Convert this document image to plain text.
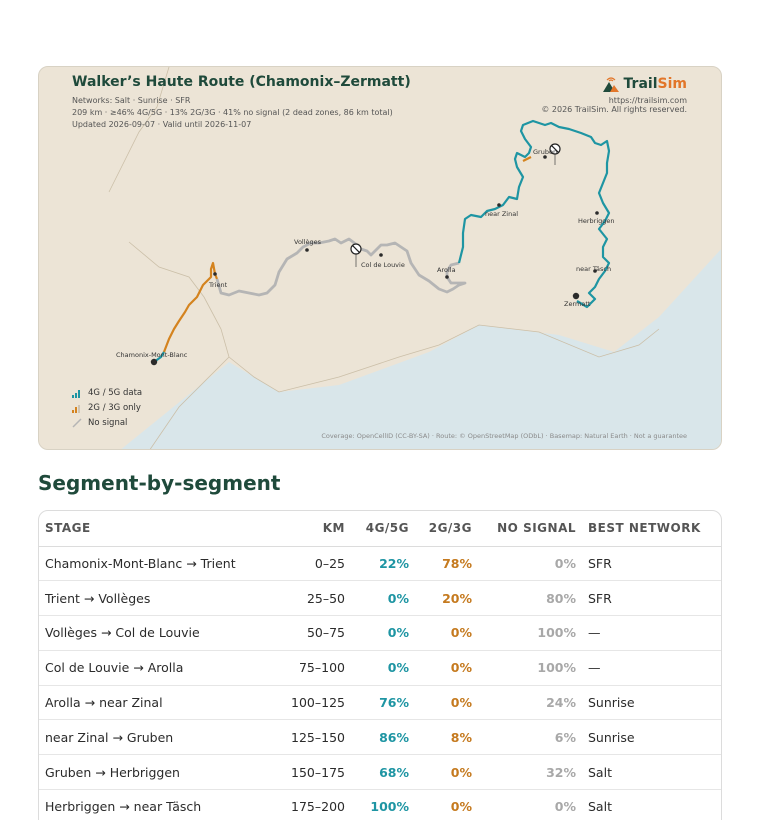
Chamonix-Mont-Blanc
Trient
Vollèges
Col de Louvie
Arolla
near Zinal
Gruben
Herbriggen
near Täsch
Zermatt
Walker’s Haute Route (Chamonix–Zermatt)
Networks: Salt · Sunrise · SFR
209 km · ≥46% 4G/5G · 13% 2G/3G · 41% no signal (2 dead zones, 86 km total)
Updated 2026-09-07 · Valid until 2026-11-07
TrailSim
https://trailsim.com
© 2026 TrailSim. All rights reserved.
4G / 5G data
2G / 3G only
No signal
Coverage: OpenCellID (CC-BY-SA) · Route: © OpenStreetMap (ODbL) · Basemap: Natural Earth · Not a guarantee
Segment-by-segment
STAGE	KM	4G/5G	2G/3G	NO SIGNAL	BEST NETWORK
Chamonix-Mont-Blanc → Trient	0–25	22%	78%	0%	SFR
Trient → Vollèges	25–50	0%	20%	80%	SFR
Vollèges → Col de Louvie	50–75	0%	0%	100%	—
Col de Louvie → Arolla	75–100	0%	0%	100%	—
Arolla → near Zinal	100–125	76%	0%	24%	Sunrise
near Zinal → Gruben	125–150	86%	8%	6%	Sunrise
Gruben → Herbriggen	150–175	68%	0%	32%	Salt
Herbriggen → near Täsch	175–200	100%	0%	0%	Salt
